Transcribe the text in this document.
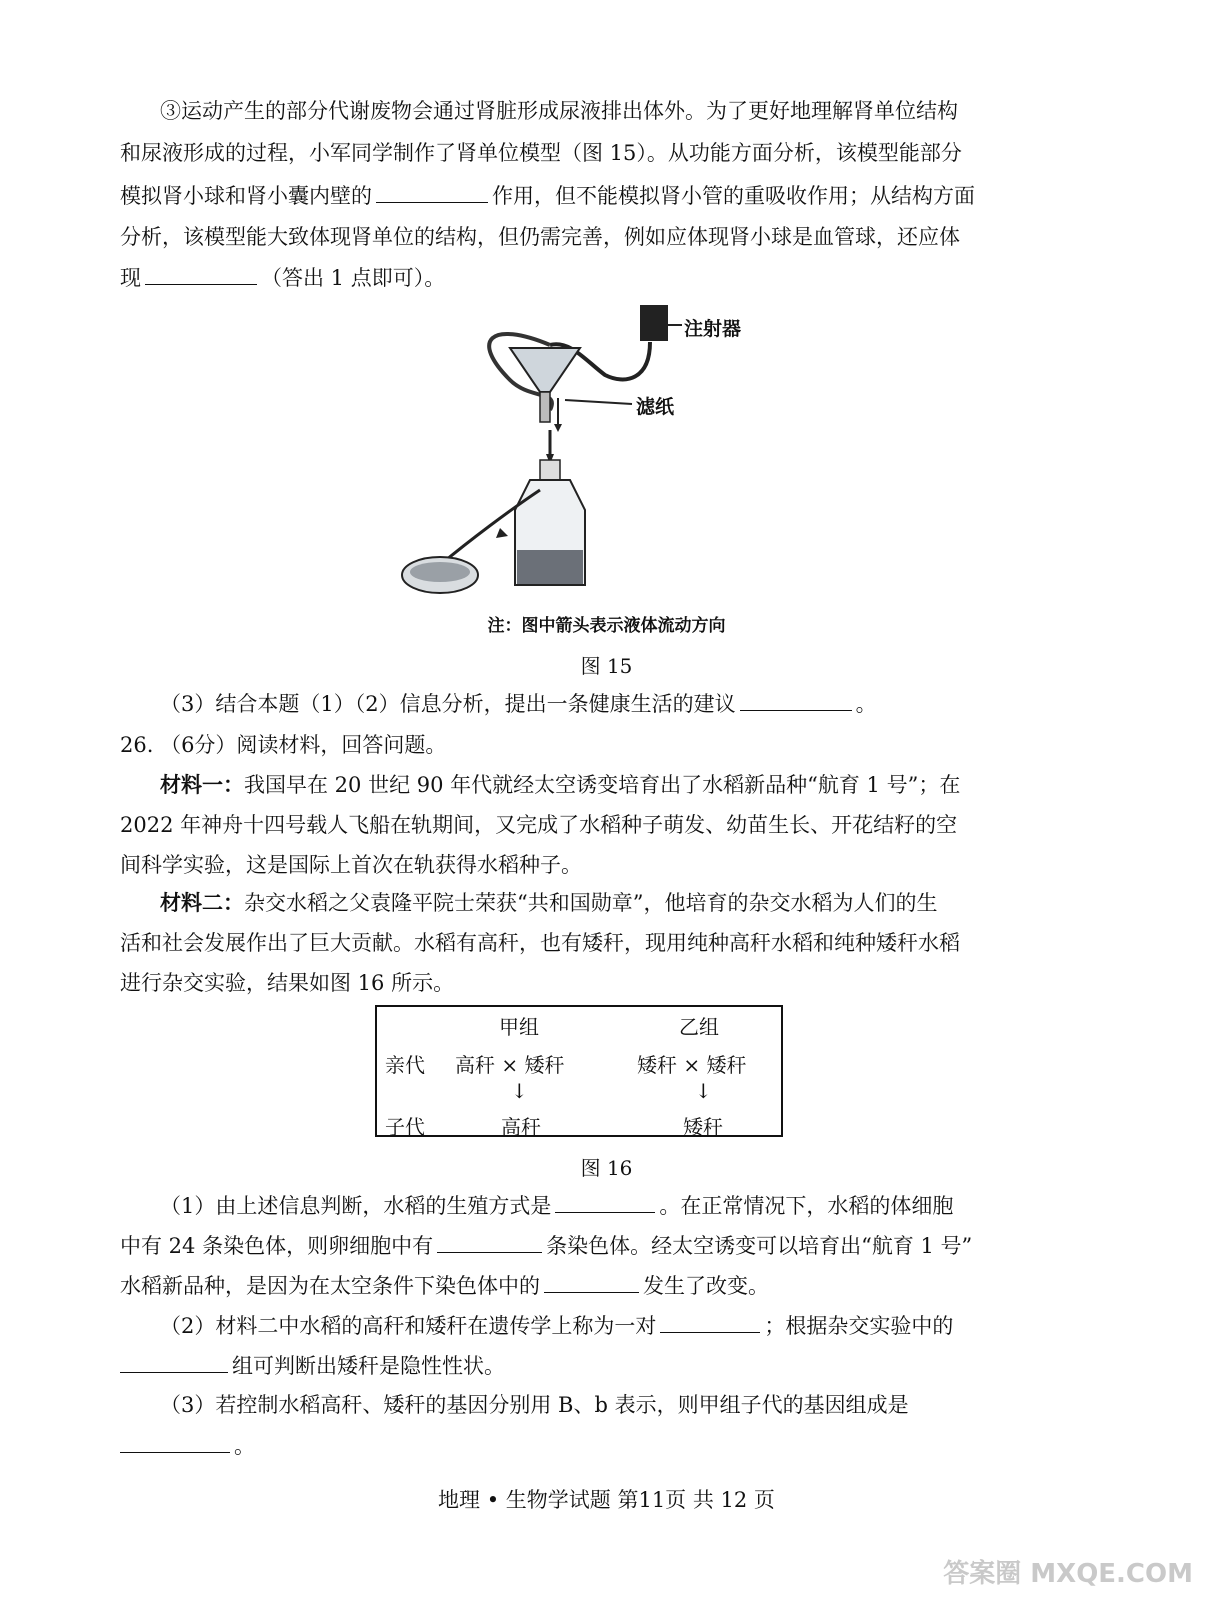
③运动产生的部分代谢废物会通过肾脏形成尿液排出体外。为了更好地理解肾单位结构
和尿液形成的过程，小军同学制作了肾单位模型（图 15）。从功能方面分析，该模型能部分
模拟肾小球和肾小囊内壁的	作用，但不能模拟肾小管的重吸收作用；从结构方面
分析，该模型能大致体现肾单位的结构，但仍需完善，例如应体现肾小球是血管球，还应体
现	（答出 1 点即可）。
注射器
滤纸
注：图中箭头表示液体流动方向
图 15
（3）结合本题（1）（2）信息分析，提出一条健康生活的建议	。
26. （6分）阅读材料，回答问题。
材料一：我国早在 20 世纪 90 年代就经太空诱变培育出了水稻新品种“航育 1 号”；在
2022 年神舟十四号载人飞船在轨期间，又完成了水稻种子萌发、幼苗生长、开花结籽的空
间科学实验，这是国际上首次在轨获得水稻种子。
材料二：杂交水稻之父袁隆平院士荣获“共和国勋章”，他培育的杂交水稻为人们的生
活和社会发展作出了巨大贡献。水稻有高秆，也有矮秆，现用纯种高秆水稻和纯种矮秆水稻
进行杂交实验，结果如图 16 所示。
甲组	乙组
亲代 高秆 × 矮秆	矮秆 × 矮秆
↓	↓
子代	高秆	矮秆
图 16
（1）由上述信息判断，水稻的生殖方式是	。在正常情况下，水稻的体细胞
中有 24 条染色体，则卵细胞中有	条染色体。经太空诱变可以培育出“航育 1 号”
水稻新品种，是因为在太空条件下染色体中的	发生了改变。
（2）材料二中水稻的高秆和矮秆在遗传学上称为一对	；根据杂交实验中的
组可判断出矮秆是隐性性状。
（3）若控制水稻高秆、矮秆的基因分别用 B、b 表示，则甲组子代的基因组成是
。
地理 • 生物学试题 第11页 共 12 页
答案圈 MXQE.COM
